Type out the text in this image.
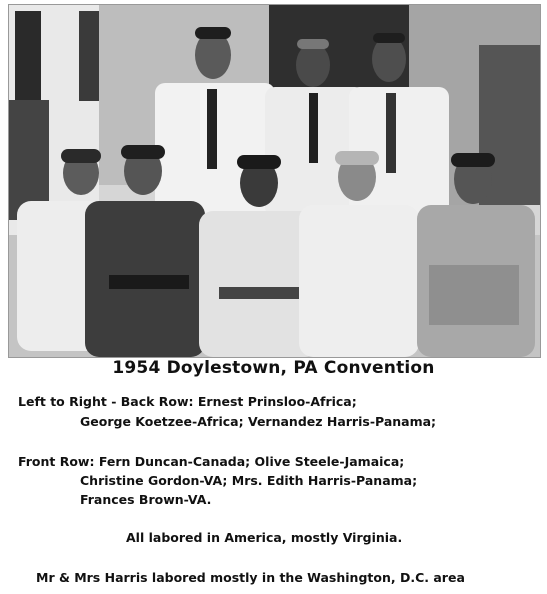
1954 Doylestown, PA Convention
Left to Right - Back Row: Ernest Prinsloo-Africa;
George Koetzee-Africa; Vernandez Harris-Panama;
Front Row: Fern Duncan-Canada; Olive Steele-Jamaica;
Christine Gordon-VA; Mrs. Edith Harris-Panama;
Frances Brown-VA.
All labored in America, mostly Virginia.
Mr & Mrs Harris labored mostly in the Washington, D.C. area
